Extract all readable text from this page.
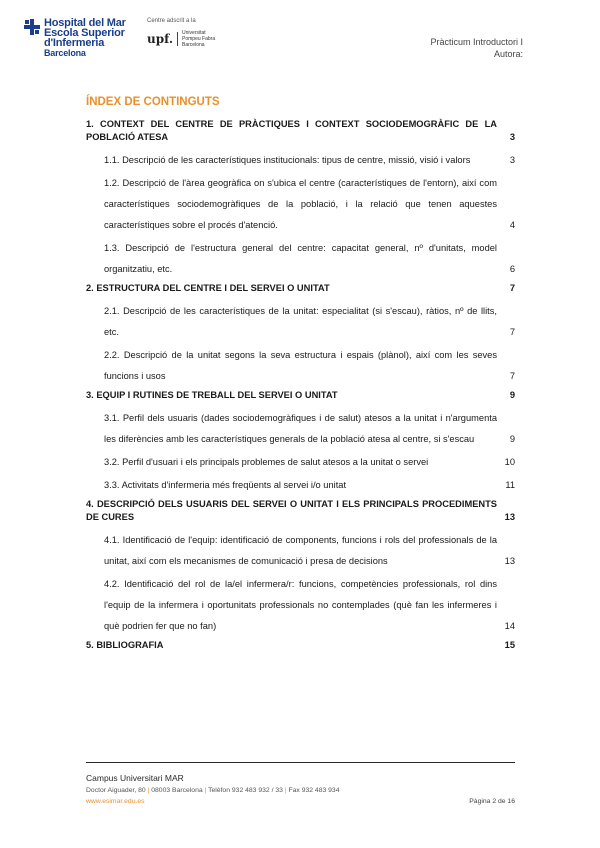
Hospital del Mar
Escola Superior
d'Infermeria
Barcelona
Centre adscrit a la
upf.	Universitat
Pompeu Fabra
Barcelona	Pràcticum Introductori I
Autora:
ÍNDEX DE CONTINGUTS
1. CONTEXT DEL CENTRE DE PRÀCTIQUES I CONTEXT SOCIODEMOGRÀFIC DE LA POBLACIÓ ATESA	3
1.1. Descripció de les característiques institucionals: tipus de centre, missió, visió i valors	3
1.2. Descripció de l'àrea geogràfica on s'ubica el centre (característiques de l'entorn), així com característiques sociodemogràfiques de la població, i la relació que tenen aquestes característiques sobre el procés d'atenció.	4
1.3. Descripció de l'estructura general del centre: capacitat general, nº d'unitats, model organitzatiu, etc.	6
2. ESTRUCTURA DEL CENTRE I DEL SERVEI O UNITAT	7
2.1. Descripció de les característiques de la unitat: especialitat (si s'escau), ràtios, nº de llits, etc.	7
2.2. Descripció de la unitat segons la seva estructura i espais (plànol), així com les seves funcions i usos	7
3. EQUIP I RUTINES DE TREBALL DEL SERVEI O UNITAT	9
3.1. Perfil dels usuaris (dades sociodemogràfiques i de salut) atesos a la unitat i n'argumenta les diferències amb les característiques generals de la població atesa al centre, si s'escau	9
3.2. Perfil d'usuari i els principals problemes de salut atesos a la unitat o servei	10
3.3. Activitats d'infermeria més freqüents al servei i/o unitat	11
4. DESCRIPCIÓ DELS USUARIS DEL SERVEI O UNITAT I ELS PRINCIPALS PROCEDIMENTS DE CURES	13
4.1. Identificació de l'equip: identificació de components, funcions i rols del professionals de la unitat, així com els mecanismes de comunicació i presa de decisions	13
4.2. Identificació del rol de la/el infermera/r: funcions, competències professionals, rol dins l'equip de la infermera i oportunitats professionals no contemplades (què fan les infermeres i què podrien fer que no fan)	14
5. BIBLIOGRAFIA	15
Campus Universitari MAR
Doctor Aiguader, 80 | 08003 Barcelona | Telèfon 932 483 932 / 33 | Fax 932 483 934
www.esimar.edu.es	Pàgina 2 de 16
